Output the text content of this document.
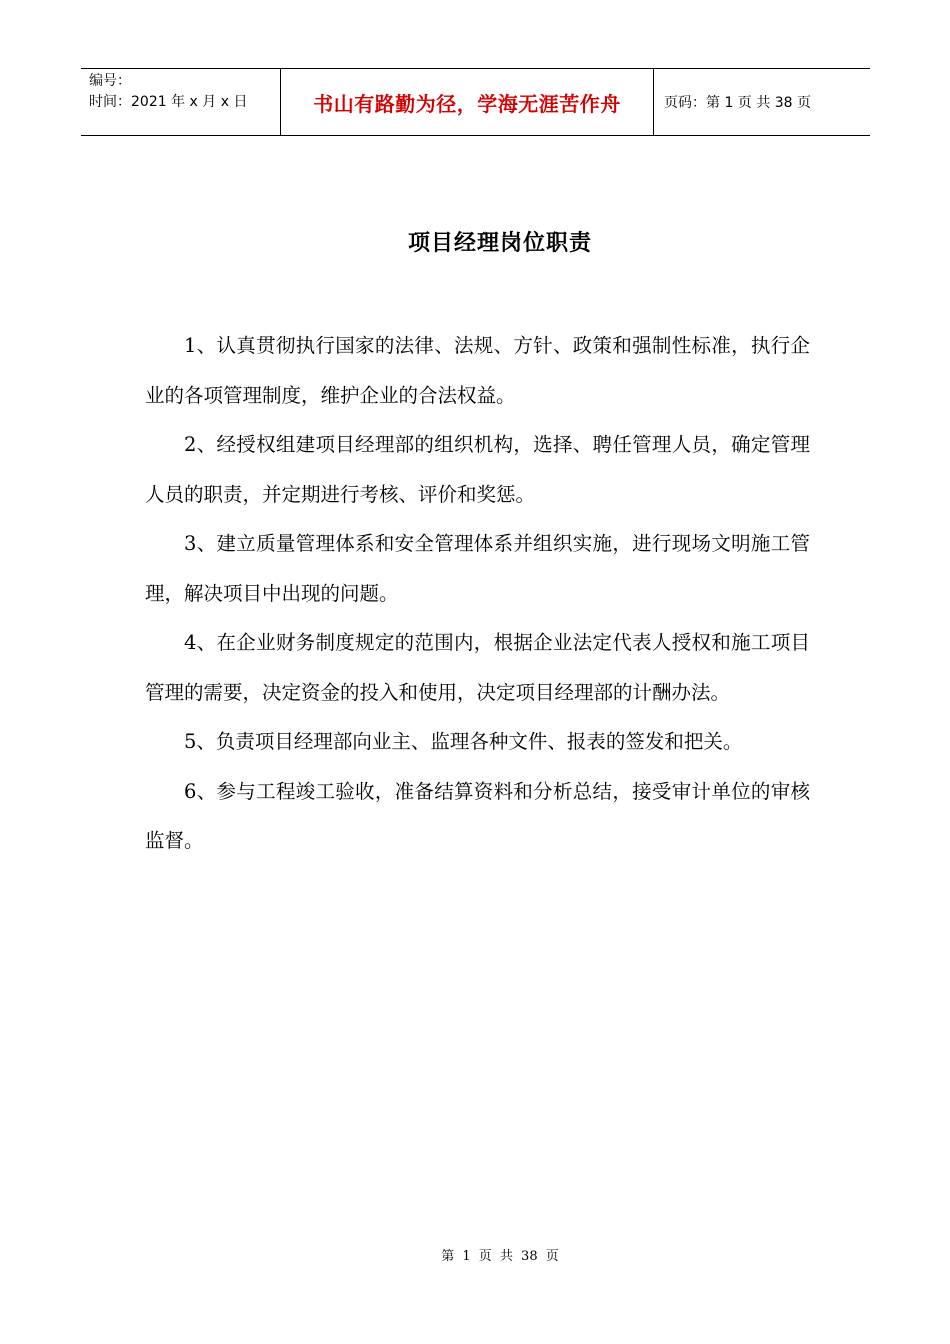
编号：
时间：2021 年 x 月 x 日	书山有路勤为径，学海无涯苦作舟	页码：第 1 页 共 38 页
项目经理岗位职责

1、认真贯彻执行国家的法律、法规、方针、政策和强制性标准，执行企业的各项管理制度，维护企业的合法权益。

2、经授权组建项目经理部的组织机构，选择、聘任管理人员，确定管理人员的职责，并定期进行考核、评价和奖惩。

3、建立质量管理体系和安全管理体系并组织实施，进行现场文明施工管理，解决项目中出现的问题。

4、在企业财务制度规定的范围内，根据企业法定代表人授权和施工项目管理的需要，决定资金的投入和使用，决定项目经理部的计酬办法。

5、负责项目经理部向业主、监理各种文件、报表的签发和把关。

6、参与工程竣工验收，准备结算资料和分析总结，接受审计单位的审核监督。

第 1 页 共 38 页
